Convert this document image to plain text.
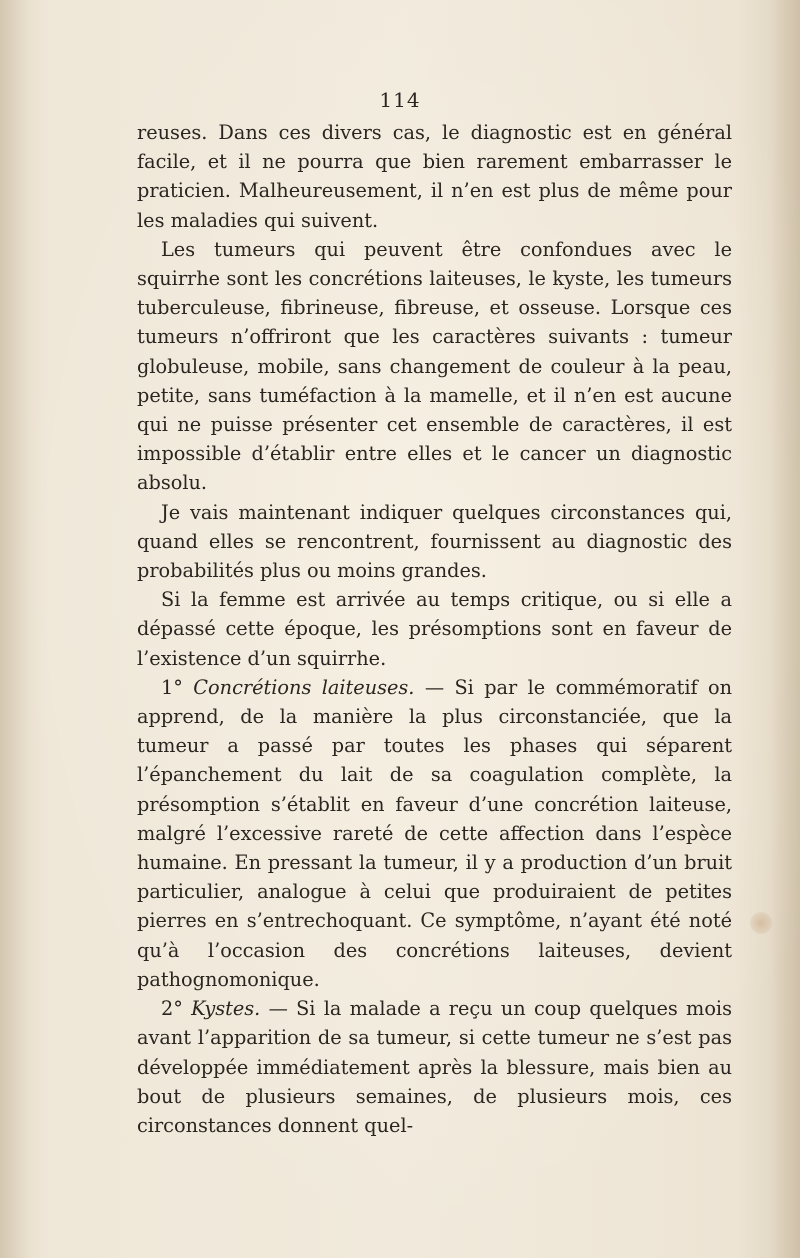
114

reuses. Dans ces divers cas, le diagnostic est en général facile, et il ne pourra que bien rarement embarrasser le praticien. Malheureusement, il n’en est plus de même pour les maladies qui suivent.

Les tumeurs qui peuvent être confondues avec le squirrhe sont les concrétions laiteuses, le kyste, les tumeurs tuberculeuse, fibrineuse, fibreuse, et osseuse. Lorsque ces tumeurs n’offriront que les caractères suivants : tumeur globuleuse, mobile, sans changement de couleur à la peau, petite, sans tuméfaction à la mamelle, et il n’en est aucune qui ne puisse présenter cet ensemble de caractères, il est impossible d’établir entre elles et le cancer un diagnostic absolu.

Je vais maintenant indiquer quelques circonstances qui, quand elles se rencontrent, fournissent au diagnostic des probabilités plus ou moins grandes.

Si la femme est arrivée au temps critique, ou si elle a dépassé cette époque, les présomptions sont en faveur de l’existence d’un squirrhe.

1° Concrétions laiteuses. — Si par le commémoratif on apprend, de la manière la plus circonstanciée, que la tumeur a passé par toutes les phases qui séparent l’épanchement du lait de sa coagulation complète, la présomption s’établit en faveur d’une concrétion laiteuse, malgré l’excessive rareté de cette affection dans l’espèce humaine. En pressant la tumeur, il y a production d’un bruit particulier, analogue à celui que produiraient de petites pierres en s’entrechoquant. Ce symptôme, n’ayant été noté qu’à l’occasion des concrétions laiteuses, devient pathognomonique.

2° Kystes. — Si la malade a reçu un coup quelques mois avant l’apparition de sa tumeur, si cette tumeur ne s’est pas développée immédiatement après la blessure, mais bien au bout de plusieurs semaines, de plusieurs mois, ces circonstances donnent quel-
